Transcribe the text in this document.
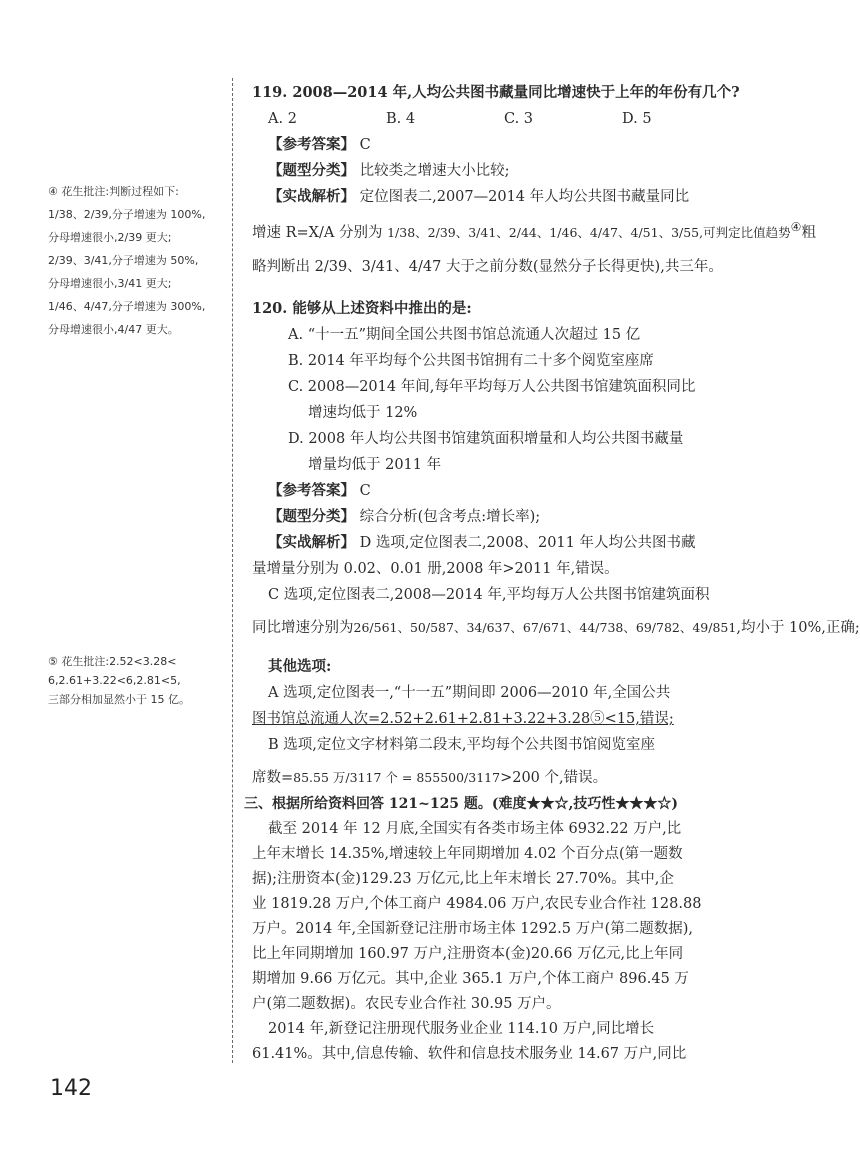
④ 花生批注:判断过程如下:
1/38、2/39,分子增速为 100%,
分母增速很小,2/39 更大;
2/39、3/41,分子增速为 50%,
分母增速很小,3/41 更大;
1/46、4/47,分子增速为 300%,
分母增速很小,4/47 更大。
⑤ 花生批注:2.52<3.28<
6,2.61+3.22<6,2.81<5,
三部分相加显然小于 15 亿。
119. 2008—2014 年,人均公共图书藏量同比增速快于上年的年份有几个?
A. 2	B. 4	C. 3	D. 5
【参考答案】 C
【题型分类】 比较类之增速大小比较;
【实战解析】 定位图表二,2007—2014 年人均公共图书藏量同比
增速 R=X/A 分别为 1/38、2/39、3/41、2/44、1/46、4/47、4/51、3/55,可判定比值趋势④粗
略判断出 2/39、3/41、4/47 大于之前分数(显然分子长得更快),共三年。
120. 能够从上述资料中推出的是:
A. “十一五”期间全国公共图书馆总流通人次超过 15 亿
B. 2014 年平均每个公共图书馆拥有二十多个阅览室座席
C. 2008—2014 年间,每年平均每万人公共图书馆建筑面积同比
增速均低于 12%
D. 2008 年人均公共图书馆建筑面积增量和人均公共图书藏量
增量均低于 2011 年
【参考答案】 C
【题型分类】 综合分析(包含考点:增长率);
【实战解析】 D 选项,定位图表二,2008、2011 年人均公共图书藏
量增量分别为 0.02、0.01 册,2008 年>2011 年,错误。
C 选项,定位图表二,2008—2014 年,平均每万人公共图书馆建筑面积
同比增速分别为26/561、50/587、34/637、67/671、44/738、69/782、49/851,均小于 10%,正确;
其他选项:
A 选项,定位图表一,“十一五”期间即 2006—2010 年,全国公共
图书馆总流通人次=2.52+2.61+2.81+3.22+3.28⑤<15,错误;
B 选项,定位文字材料第二段末,平均每个公共图书馆阅览室座
席数=85.55 万/3117 个 = 855500/3117>200 个,错误。
三、根据所给资料回答 121~125 题。(难度★★☆,技巧性★★★☆)
截至 2014 年 12 月底,全国实有各类市场主体 6932.22 万户,比
上年末增长 14.35%,增速较上年同期增加 4.02 个百分点(第一题数
据);注册资本(金)129.23 万亿元,比上年末增长 27.70%。其中,企
业 1819.28 万户,个体工商户 4984.06 万户,农民专业合作社 128.88
万户。2014 年,全国新登记注册市场主体 1292.5 万户(第二题数据),
比上年同期增加 160.97 万户,注册资本(金)20.66 万亿元,比上年同
期增加 9.66 万亿元。其中,企业 365.1 万户,个体工商户 896.45 万
户(第二题数据)。农民专业合作社 30.95 万户。
2014 年,新登记注册现代服务业企业 114.10 万户,同比增长
61.41%。其中,信息传输、软件和信息技术服务业 14.67 万户,同比
142
